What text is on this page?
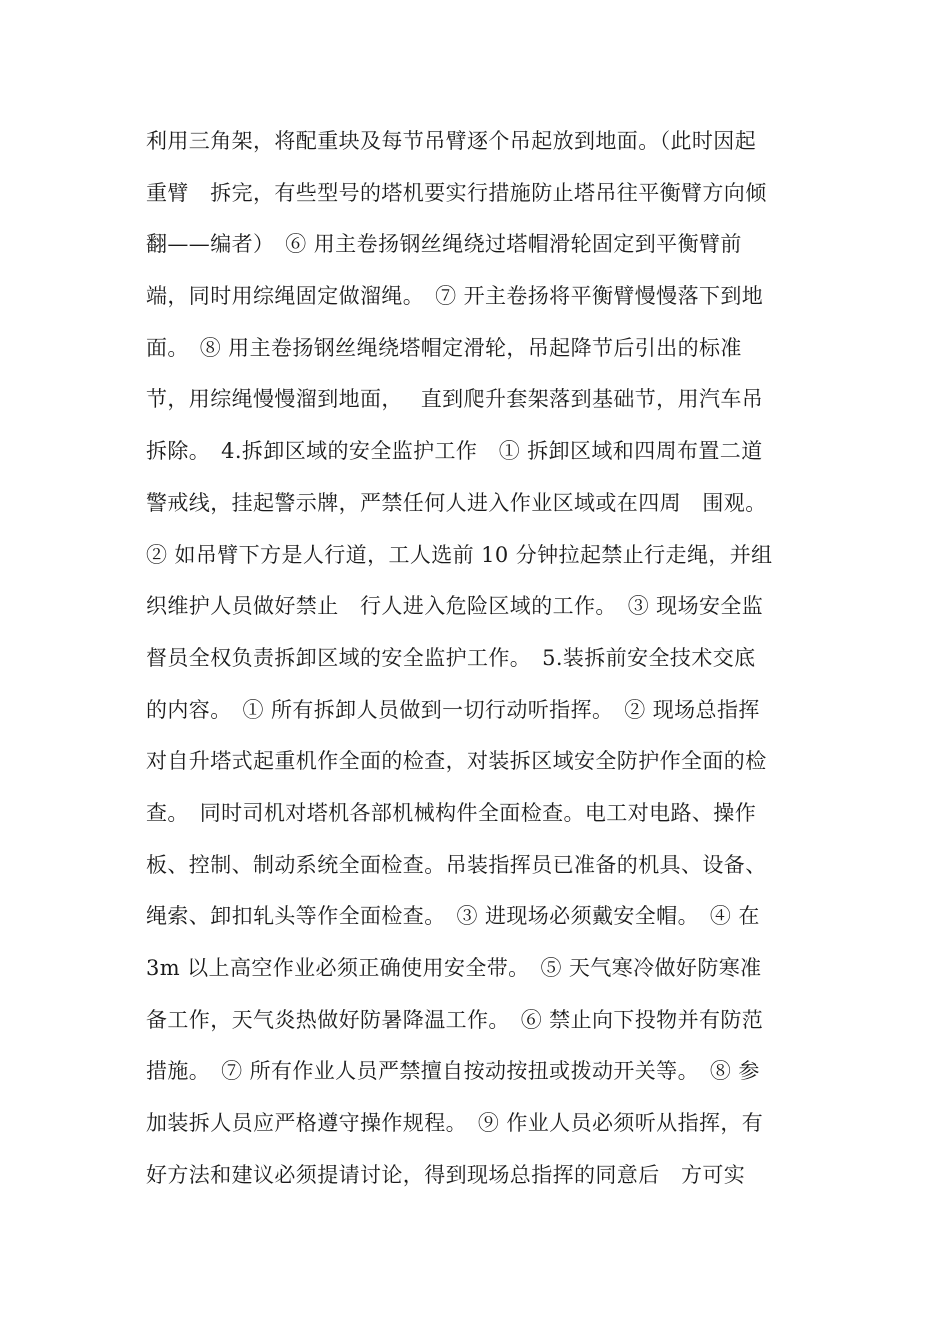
利用三角架，将配重块及每节吊臂逐个吊起放到地面。（此时因起
重臂　拆完，有些型号的塔机要实行措施防止塔吊往平衡臂方向倾
翻——编者）　⑥ 用主卷扬钢丝绳绕过塔帽滑轮固定到平衡臂前
端，同时用综绳固定做溜绳。　⑦ 开主卷扬将平衡臂慢慢落下到地
面。　⑧ 用主卷扬钢丝绳绕塔帽定滑轮，吊起降节后引出的标准
节，用综绳慢慢溜到地面，　 直到爬升套架落到基础节，用汽车吊
拆除。　4.拆卸区域的安全监护工作　① 拆卸区域和四周布置二道
警戒线，挂起警示牌，严禁任何人进入作业区域或在四周　围观。
② 如吊臂下方是人行道，工人选前 10 分钟拉起禁止行走绳，并组
织维护人员做好禁止　行人进入危险区域的工作。　③ 现场安全监
督员全权负责拆卸区域的安全监护工作。　5.装拆前安全技术交底
的内容。　① 所有拆卸人员做到一切行动听指挥。　② 现场总指挥
对自升塔式起重机作全面的检查，对装拆区域安全防护作全面的检
查。　同时司机对塔机各部机械构件全面检查。电工对电路、操作
板、控制、制动系统全面检查。吊装指挥员已准备的机具、设备、
绳索、卸扣轧头等作全面检查。　③ 进现场必须戴安全帽。　④ 在
3m 以上高空作业必须正确使用安全带。　⑤ 天气寒冷做好防寒准
备工作，天气炎热做好防暑降温工作。　⑥ 禁止向下投物并有防范
措施。　⑦ 所有作业人员严禁擅自按动按扭或拨动开关等。　⑧ 参
加装拆人员应严格遵守操作规程。　⑨ 作业人员必须听从指挥，有
好方法和建议必须提请讨论，得到现场总指挥的同意后　方可实
